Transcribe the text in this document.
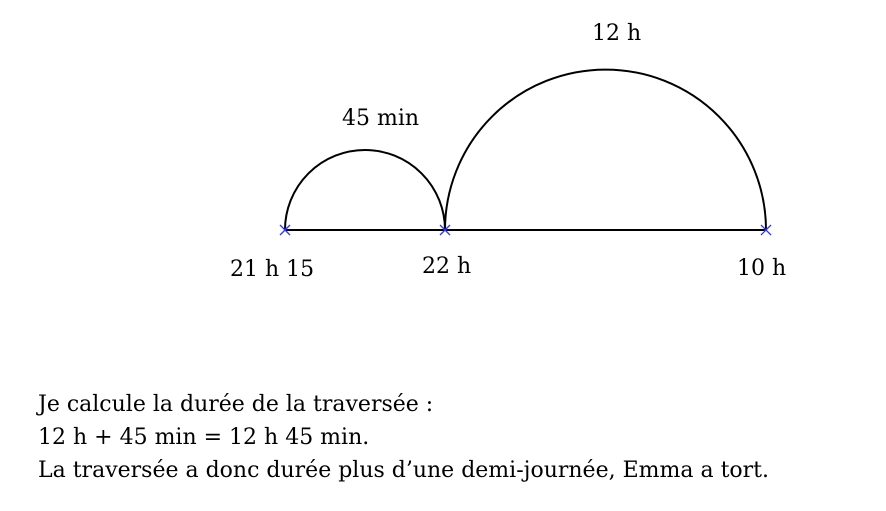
45 min
12 h
21 h 15	22 h	10 h

Je calcule la durée de la traversée :

12 h + 45 min = 12 h 45 min.

La traversée a donc durée plus d’une demi-journée, Emma a tort.
